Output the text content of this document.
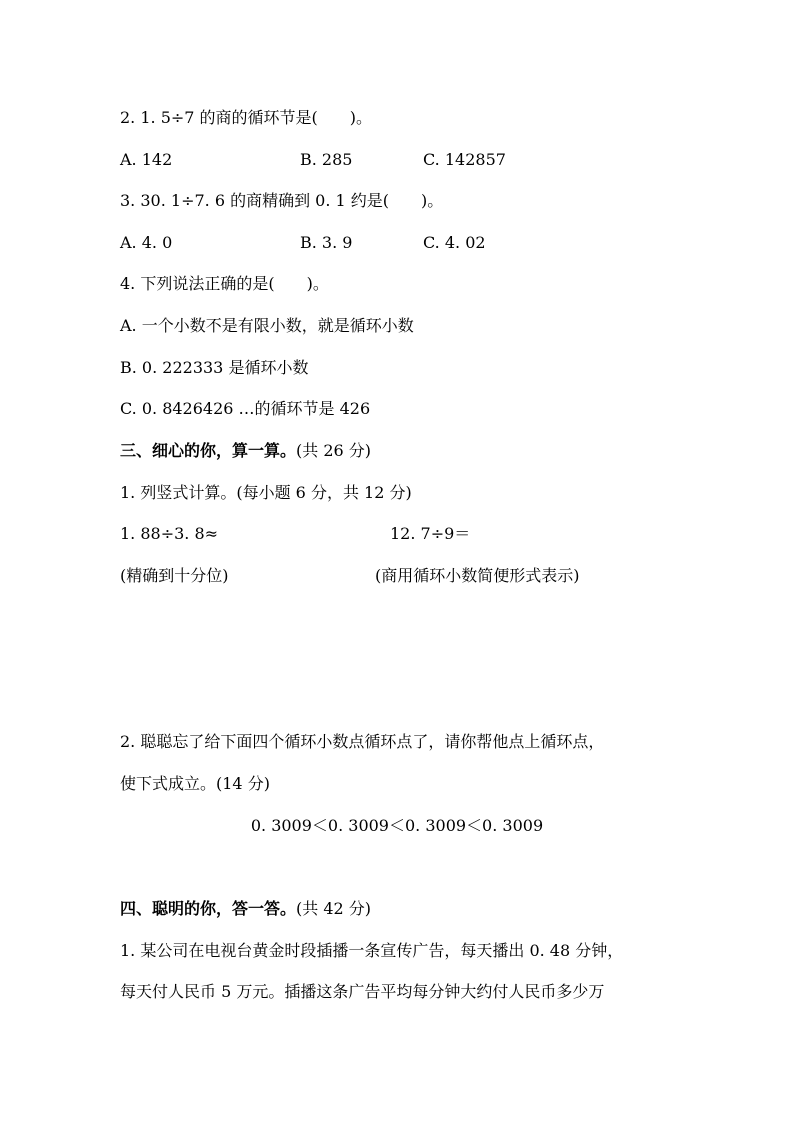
2. 1. 5÷7 的商的循环节是(　　)。
A. 142	B. 285	C. 142857
3. 30. 1÷7. 6 的商精确到 0. 1 约是(　　)。
A. 4. 0	B. 3. 9	C. 4. 02
4. 下列说法正确的是(　　)。
A. 一个小数不是有限小数，就是循环小数
B. 0. 222333 是循环小数
C. 0. 8426426 …的循环节是 426
三、细心的你，算一算。(共 26 分)
1. 列竖式计算。(每小题 6 分，共 12 分)
1. 88÷3. 8≈	12. 7÷9＝
(精确到十分位)	(商用循环小数简便形式表示)
2. 聪聪忘了给下面四个循环小数点循环点了，请你帮他点上循环点，
使下式成立。(14 分)
0. 3009＜0. 3009＜0. 3009＜0. 3009
四、聪明的你，答一答。(共 42 分)
1. 某公司在电视台黄金时段插播一条宣传广告，每天播出 0. 48 分钟，
每天付人民币 5 万元。插播这条广告平均每分钟大约付人民币多少万
